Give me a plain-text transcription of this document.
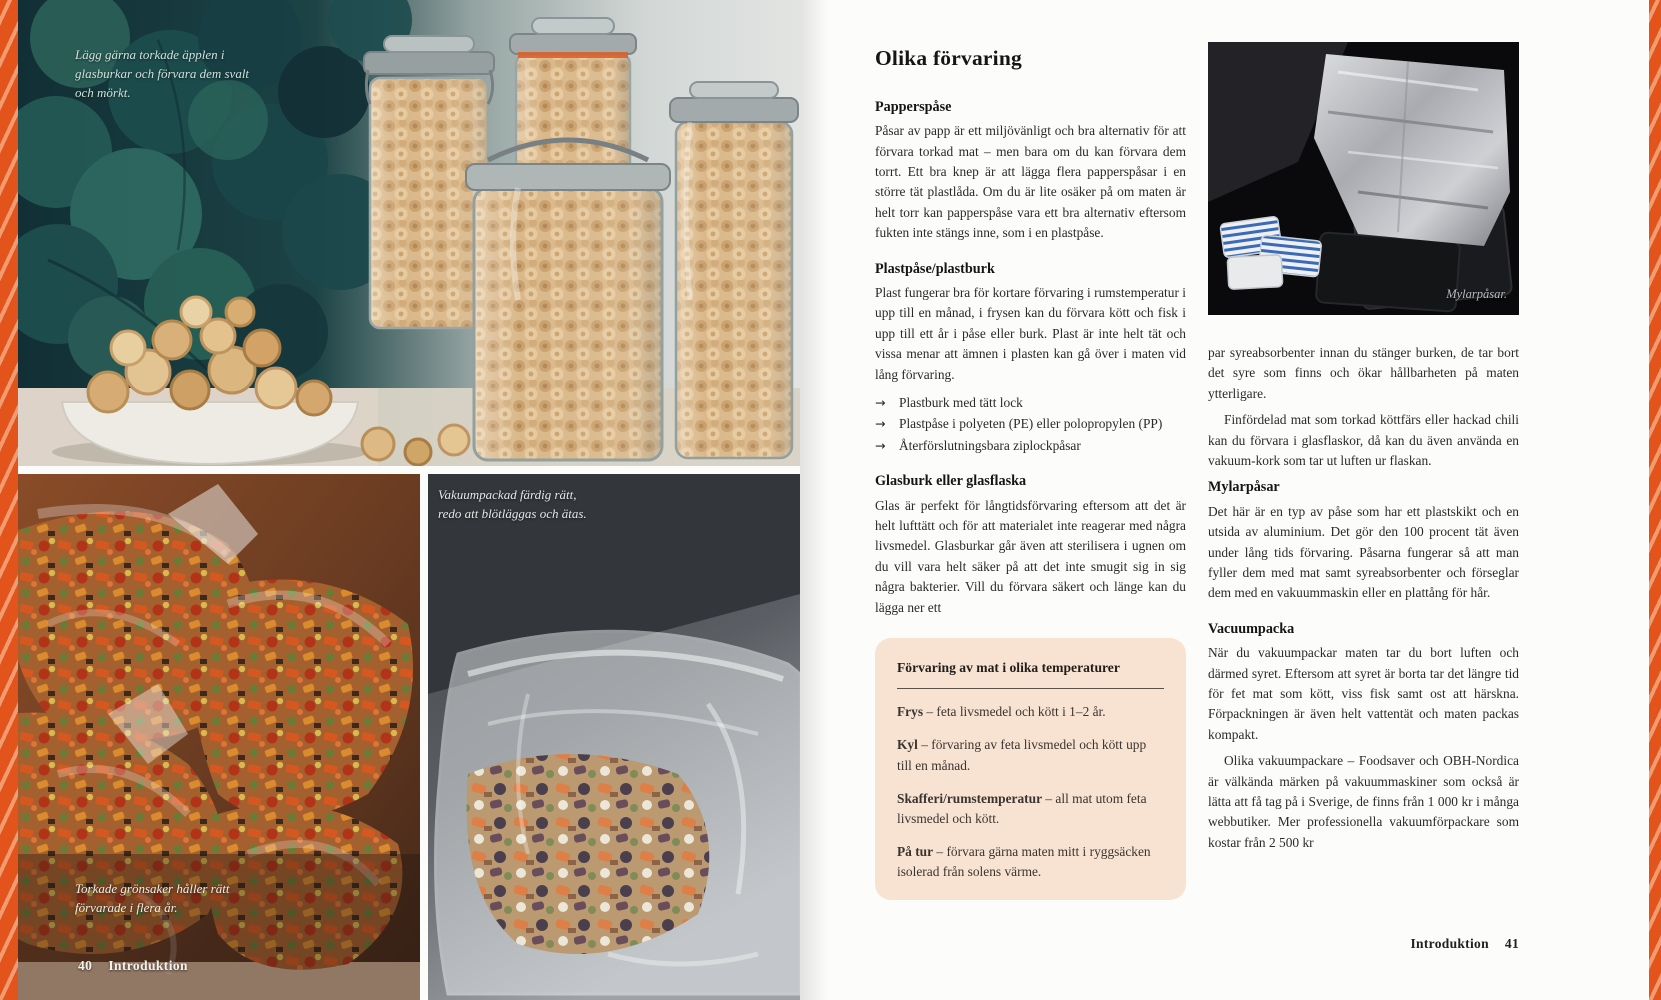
Lägg gärna torkade äpplen i glasburkar och förvara dem svalt och mörkt.
Torkade grönsaker håller rätt förvarade i flera år.
40 Introduktion
Vakuumpackad färdig rätt, redo att blötläggas och ätas.
Olika förvaring
Papperspåse

Påsar av papp är ett miljövänligt och bra alternativ för att förvara torkad mat – men bara om du kan förvara dem torrt. Ett bra knep är att lägga flera papperspåsar i en större tät plastlåda. Om du är lite osäker på om maten är helt torr kan papperspåse vara ett bra alternativ eftersom fukten inte stängs inne, som i en plastpåse.

Plastpåse/plastburk

Plast fungerar bra för kortare förvaring i rumstemperatur i upp till en månad, i frysen kan du förvara kött och fisk i upp till ett år i påse eller burk. Plast är inte helt tät och vissa menar att ämnen i plasten kan gå över i maten vid lång förvaring.

→ Plastburk med tätt lock
→ Plastpåse i polyeten (PE) eller polopropylen (PP)
→ Återförslutningsbara ziplockpåsar
Glasburk eller glasflaska

Glas är perfekt för långtidsförvaring eftersom att det är helt lufttätt och för att materialet inte reagerar med några livsmedel. Glasburkar går även att sterilisera i ugnen om du vill vara helt säker på att det inte smugit sig in sig några bakterier. Vill du förvara säkert och länge kan du lägga ner ett

Förvaring av mat i olika temperaturer

Frys – feta livsmedel och kött i 1–2 år.

Kyl – förvaring av feta livsmedel och kött upp till en månad.

Skafferi/rumstemperatur – all mat utom feta livsmedel och kött.

På tur – förvara gärna maten mitt i ryggsäcken isolerad från solens värme.

Mylarpåsar.

par syreabsorbenter innan du stänger burken, de tar bort det syre som finns och ökar hållbarheten på maten ytterligare.

Finfördelad mat som torkad köttfärs eller hackad chili kan du förvara i glasflaskor, då kan du även använda en vakuum-kork som tar ut luften ur flaskan.

Mylarpåsar

Det här är en typ av påse som har ett plastskikt och en utsida av aluminium. Det gör den 100 procent tät även under lång tids förvaring. Påsarna fungerar så att man fyller dem med mat samt syreabsorbenter och förseglar dem med en vakuummaskin eller en plattång för hår.

Vacuumpacka

När du vakuumpackar maten tar du bort luften och därmed syret. Eftersom att syret är borta tar det längre tid för fet mat som kött, viss fisk samt ost att härskna. Förpackningen är även helt vattentät och maten packas kompakt.

Olika vakuumpackare – Foodsaver och OBH-Nordica är välkända märken på vakuummaskiner som också är lätta att få tag på i Sverige, de finns från 1 000 kr i många webbutiker. Mer professionella vakuumförpackare som kostar från 2 500 kr

Introduktion 41
